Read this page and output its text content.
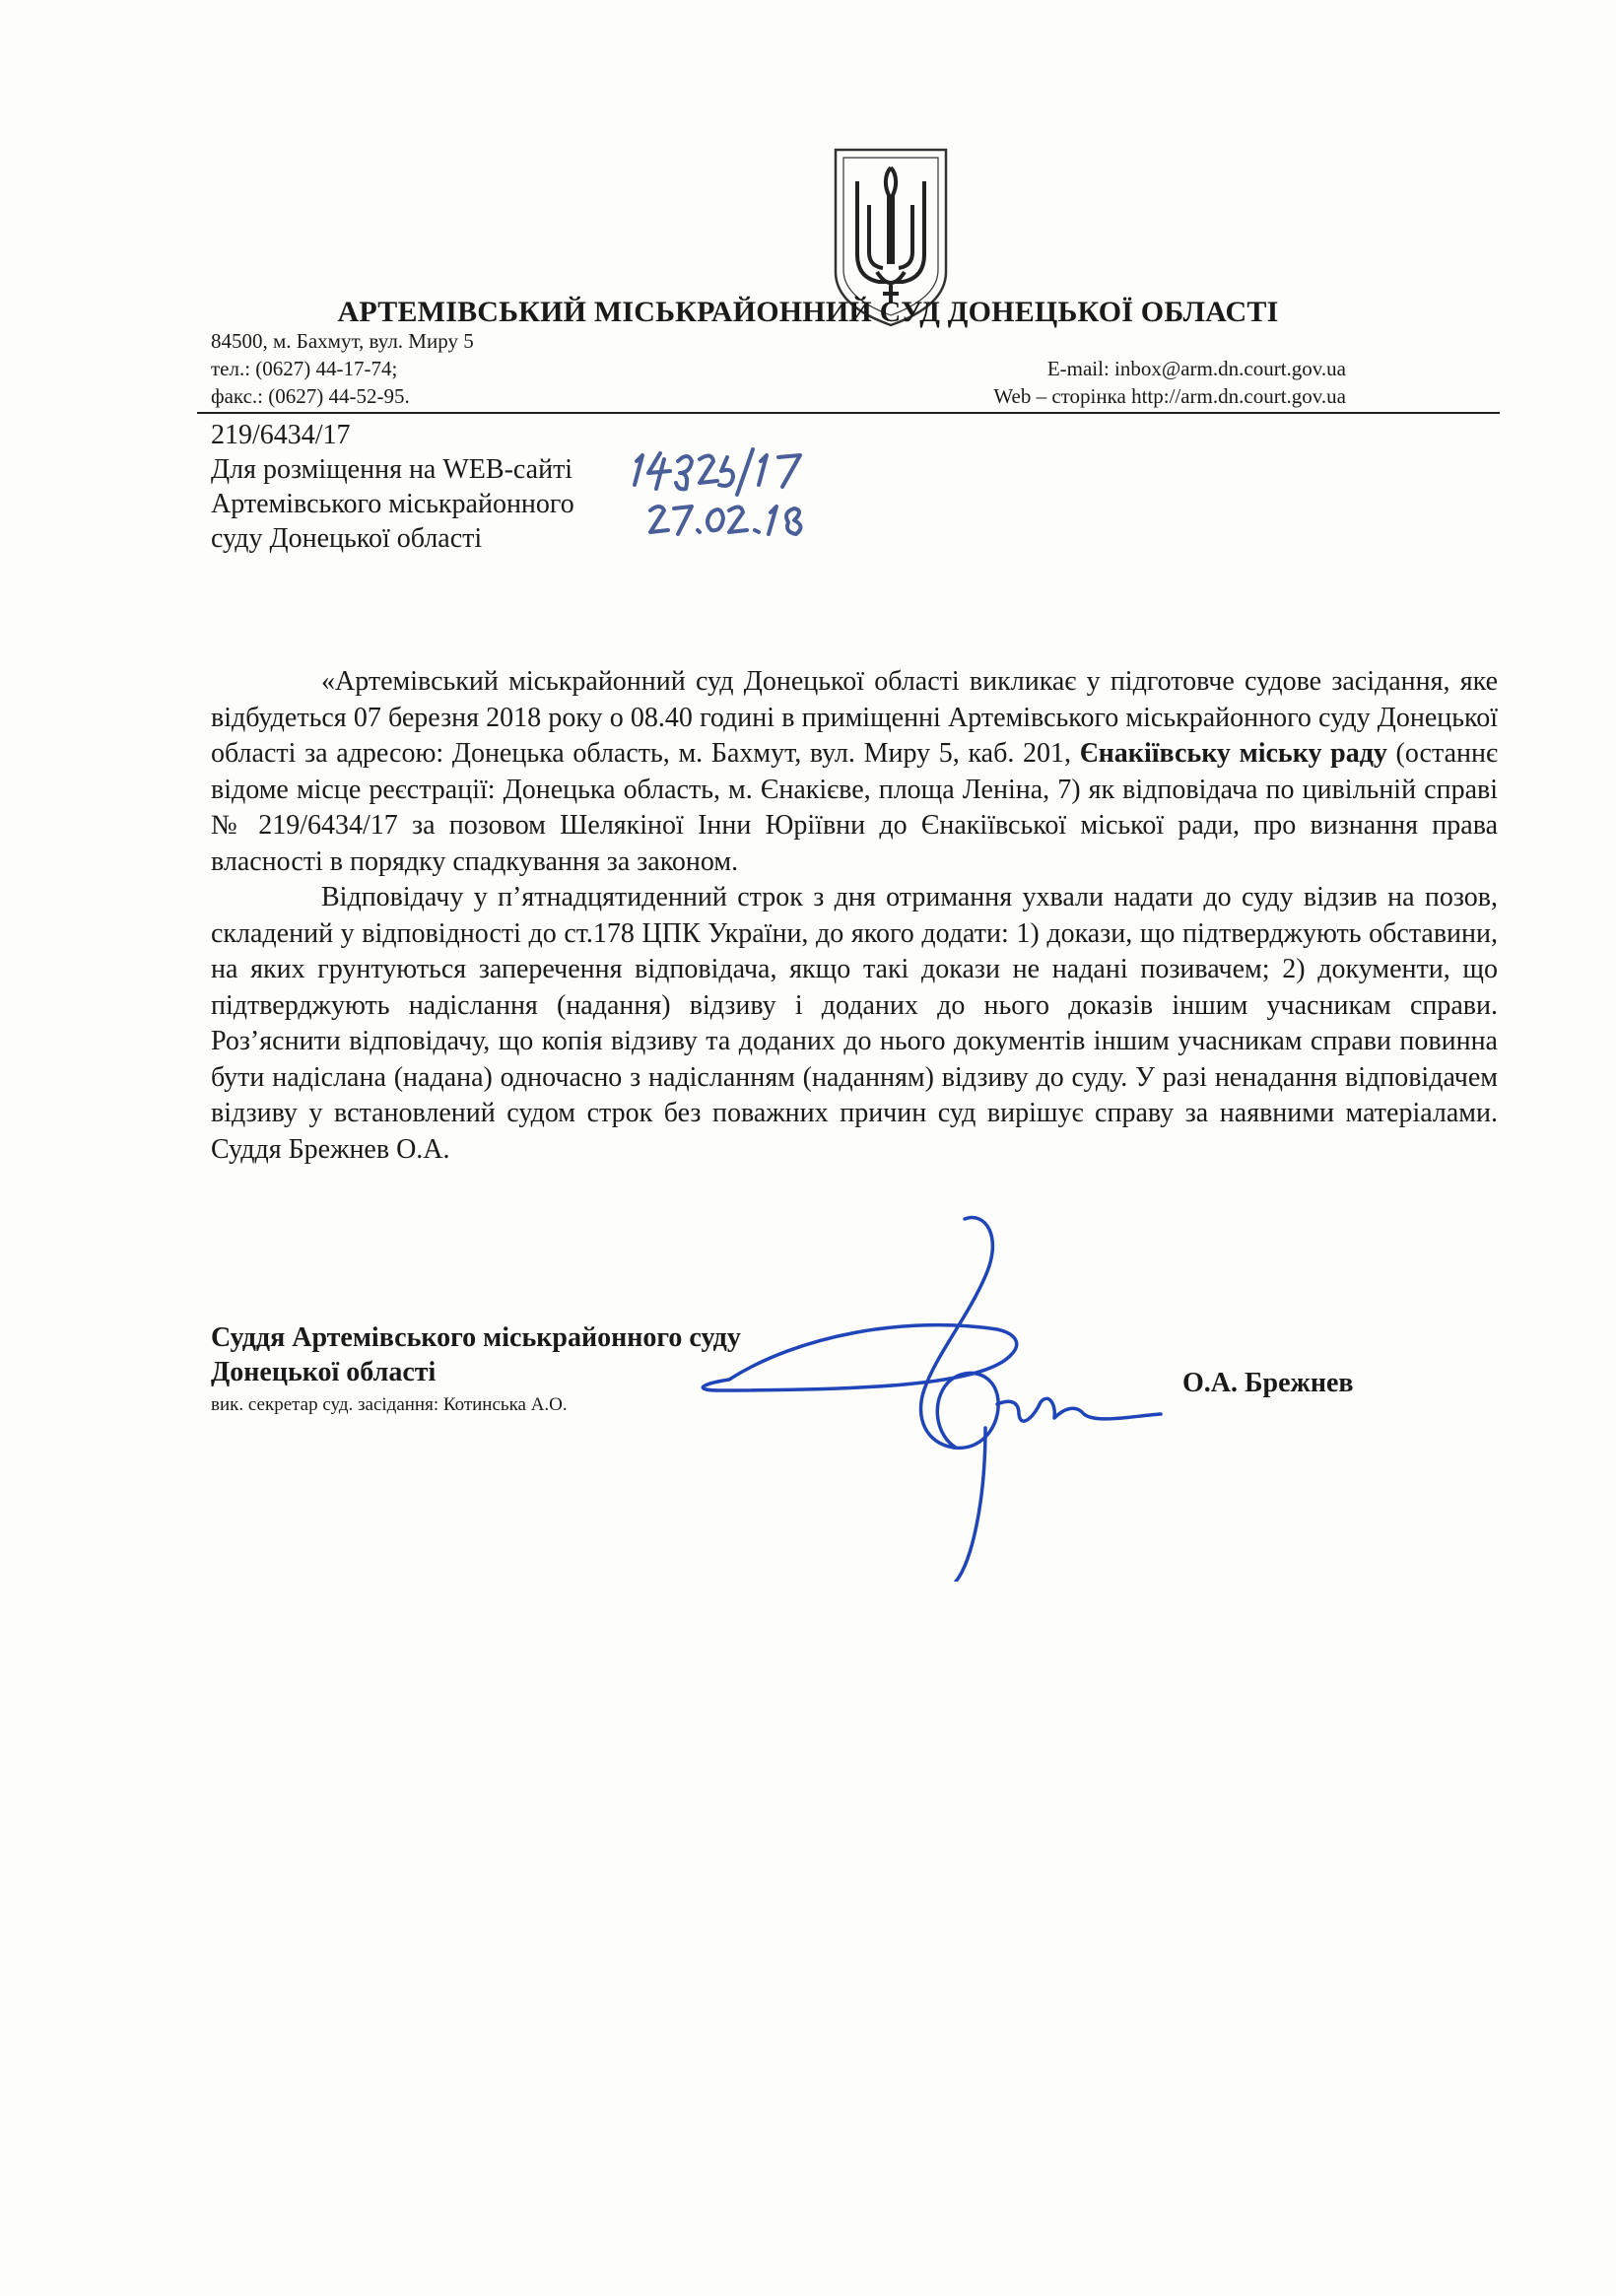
АРТЕМІВСЬКИЙ МІСЬКРАЙОННИЙ СУД ДОНЕЦЬКОЇ ОБЛАСТІ
84500, м. Бахмут, вул. Миру 5
тел.: (0627) 44-17-74;
факс.: (0627) 44-52-95.
E-mail: inbox@arm.dn.court.gov.ua
Web – сторінка http://arm.dn.court.gov.ua
219/6434/17
Для розміщення на WEB-сайті
Артемівського міськрайонного
суду Донецької області

«Артемівський міськрайонний суд Донецької області викликає у підготовче судове засідання, яке відбудеться 07 березня 2018 року о 08.40 годині в приміщенні Артемівського міськрайонного суду Донецької області за адресою: Донецька область, м. Бахмут, вул. Миру 5, каб. 201, Єнакіївську міську раду (останнє відоме місце реєстрації: Донецька область, м. Єнакієве, площа Леніна, 7) як відповідача по цивільній справі № 219/6434/17 за позовом Шелякіної Інни Юріївни до Єнакіївської міської ради, про визнання права власності в порядку спадкування за законом.

Відповідачу у п’ятнадцятиденний строк з дня отримання ухвали надати до суду відзив на позов, складений у відповідності до ст.178 ЦПК України, до якого додати: 1) докази, що підтверджують обставини, на яких грунтуються заперечення відповідача, якщо такі докази не надані позивачем; 2) документи, що підтверджують надіслання (надання) відзиву і доданих до нього доказів іншим учасникам справи. Роз’яснити відповідачу, що копія відзиву та доданих до нього документів іншим учасникам справи повинна бути надіслана (надана) одночасно з надісланням (наданням) відзиву до суду. У разі ненадання відповідачем відзиву у встановлений судом строк без поважних причин суд вирішує справу за наявними матеріалами. Суддя Брежнев О.А.

Суддя Артемівського міськрайонного суду
Донецької області
вик. секретар суд. засідання: Котинська А.О.
О.А. Брежнев
